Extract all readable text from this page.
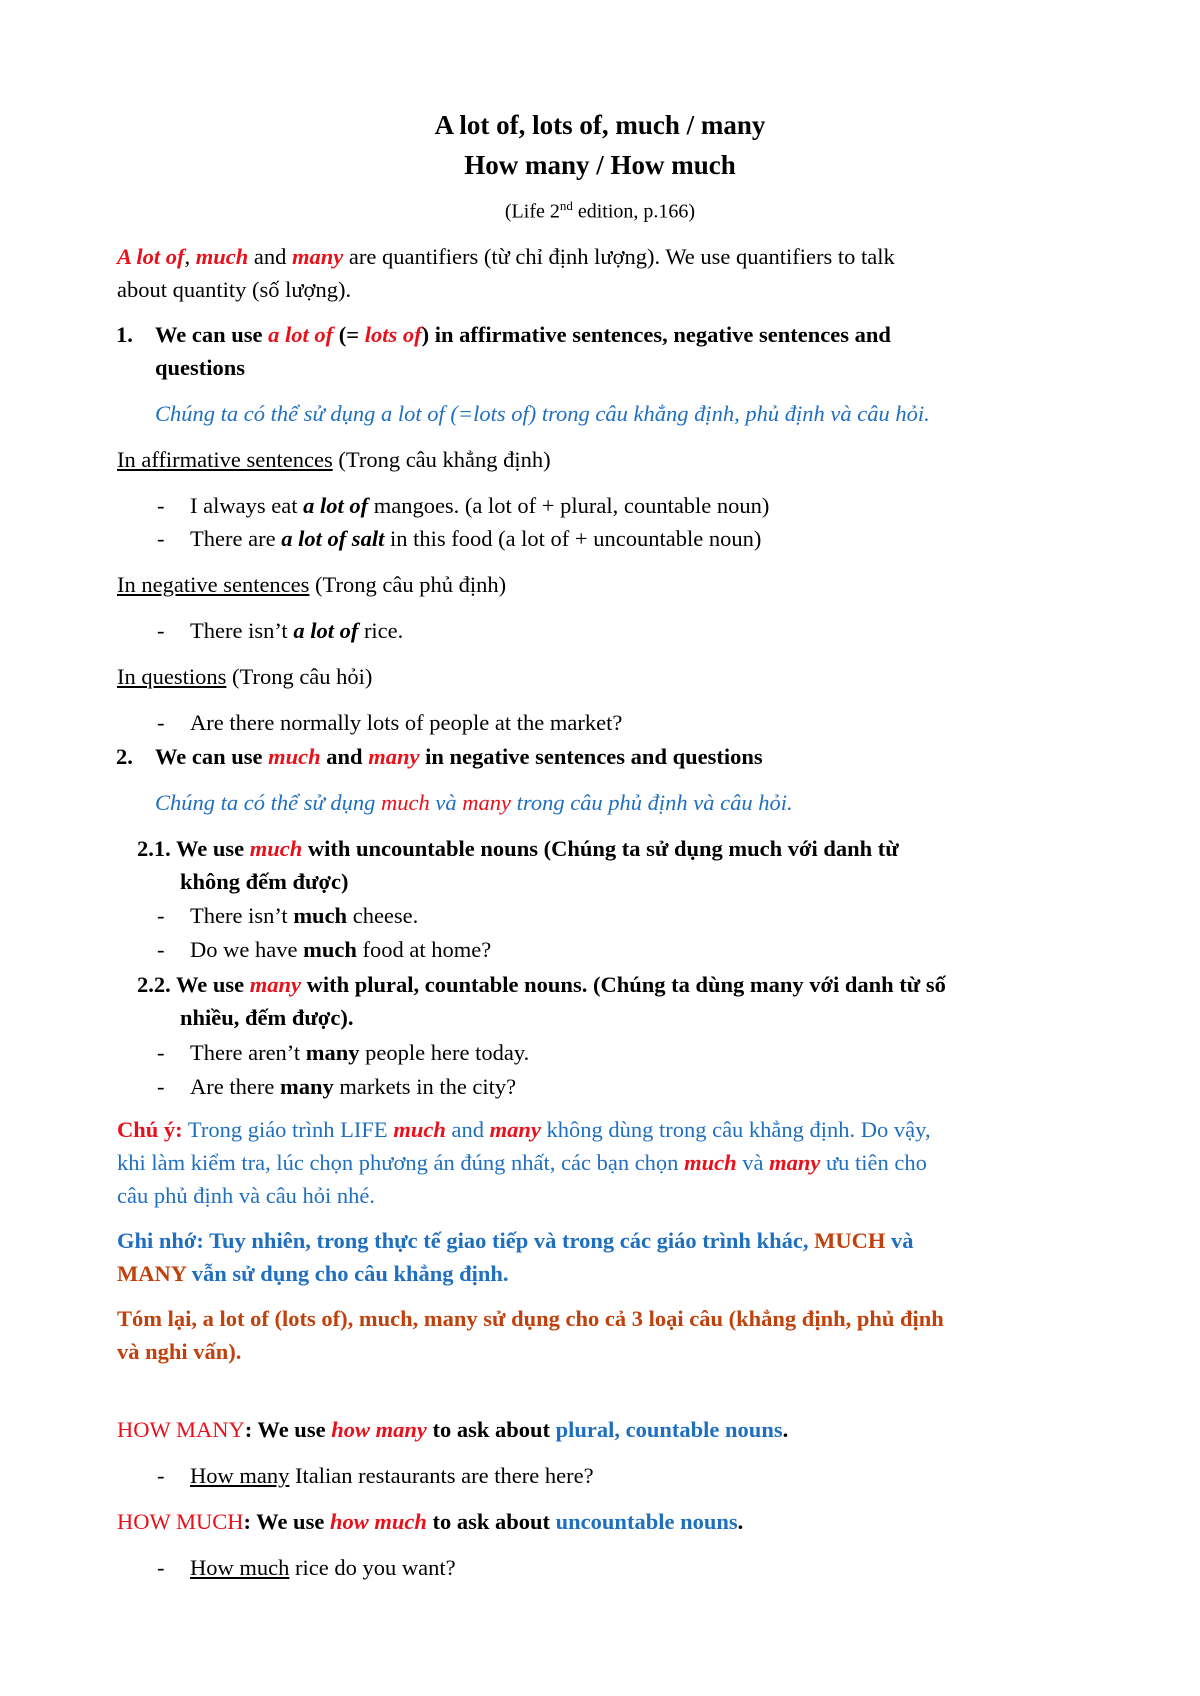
A lot of, lots of, much / many
How many / How much
(Life 2nd edition, p.166)
A lot of, much and many are quantifiers (từ chỉ định lượng). We use quantifiers to talk
about quantity (số lượng).
1. We can use a lot of (= lots of) in affirmative sentences, negative sentences and
questions
Chúng ta có thể sử dụng a lot of (=lots of) trong câu khẳng định, phủ định và câu hỏi.
In affirmative sentences (Trong câu khẳng định)
- I always eat a lot of mangoes. (a lot of + plural, countable noun)
- There are a lot of salt in this food (a lot of + uncountable noun)
In negative sentences (Trong câu phủ định)
- There isn’t a lot of rice.
In questions (Trong câu hỏi)
- Are there normally lots of people at the market?
2. We can use much and many in negative sentences and questions
Chúng ta có thể sử dụng much và many trong câu phủ định và câu hỏi.
2.1. We use much with uncountable nouns (Chúng ta sử dụng much với danh từ
không đếm được)
- There isn’t much cheese.
- Do we have much food at home?
2.2. We use many with plural, countable nouns. (Chúng ta dùng many với danh từ số
nhiều, đếm được).
- There aren’t many people here today.
- Are there many markets in the city?
Chú ý: Trong giáo trình LIFE much and many không dùng trong câu khẳng định. Do vậy,
khi làm kiểm tra, lúc chọn phương án đúng nhất, các bạn chọn much và many ưu tiên cho
câu phủ định và câu hỏi nhé.
Ghi nhớ: Tuy nhiên, trong thực tế giao tiếp và trong các giáo trình khác, MUCH và
MANY vẫn sử dụng cho câu khẳng định.
Tóm lại, a lot of (lots of), much, many sử dụng cho cả 3 loại câu (khẳng định, phủ định
và nghi vấn).
HOW MANY: We use how many to ask about plural, countable nouns.
- How many Italian restaurants are there here?
HOW MUCH: We use how much to ask about uncountable nouns.
- How much rice do you want?
